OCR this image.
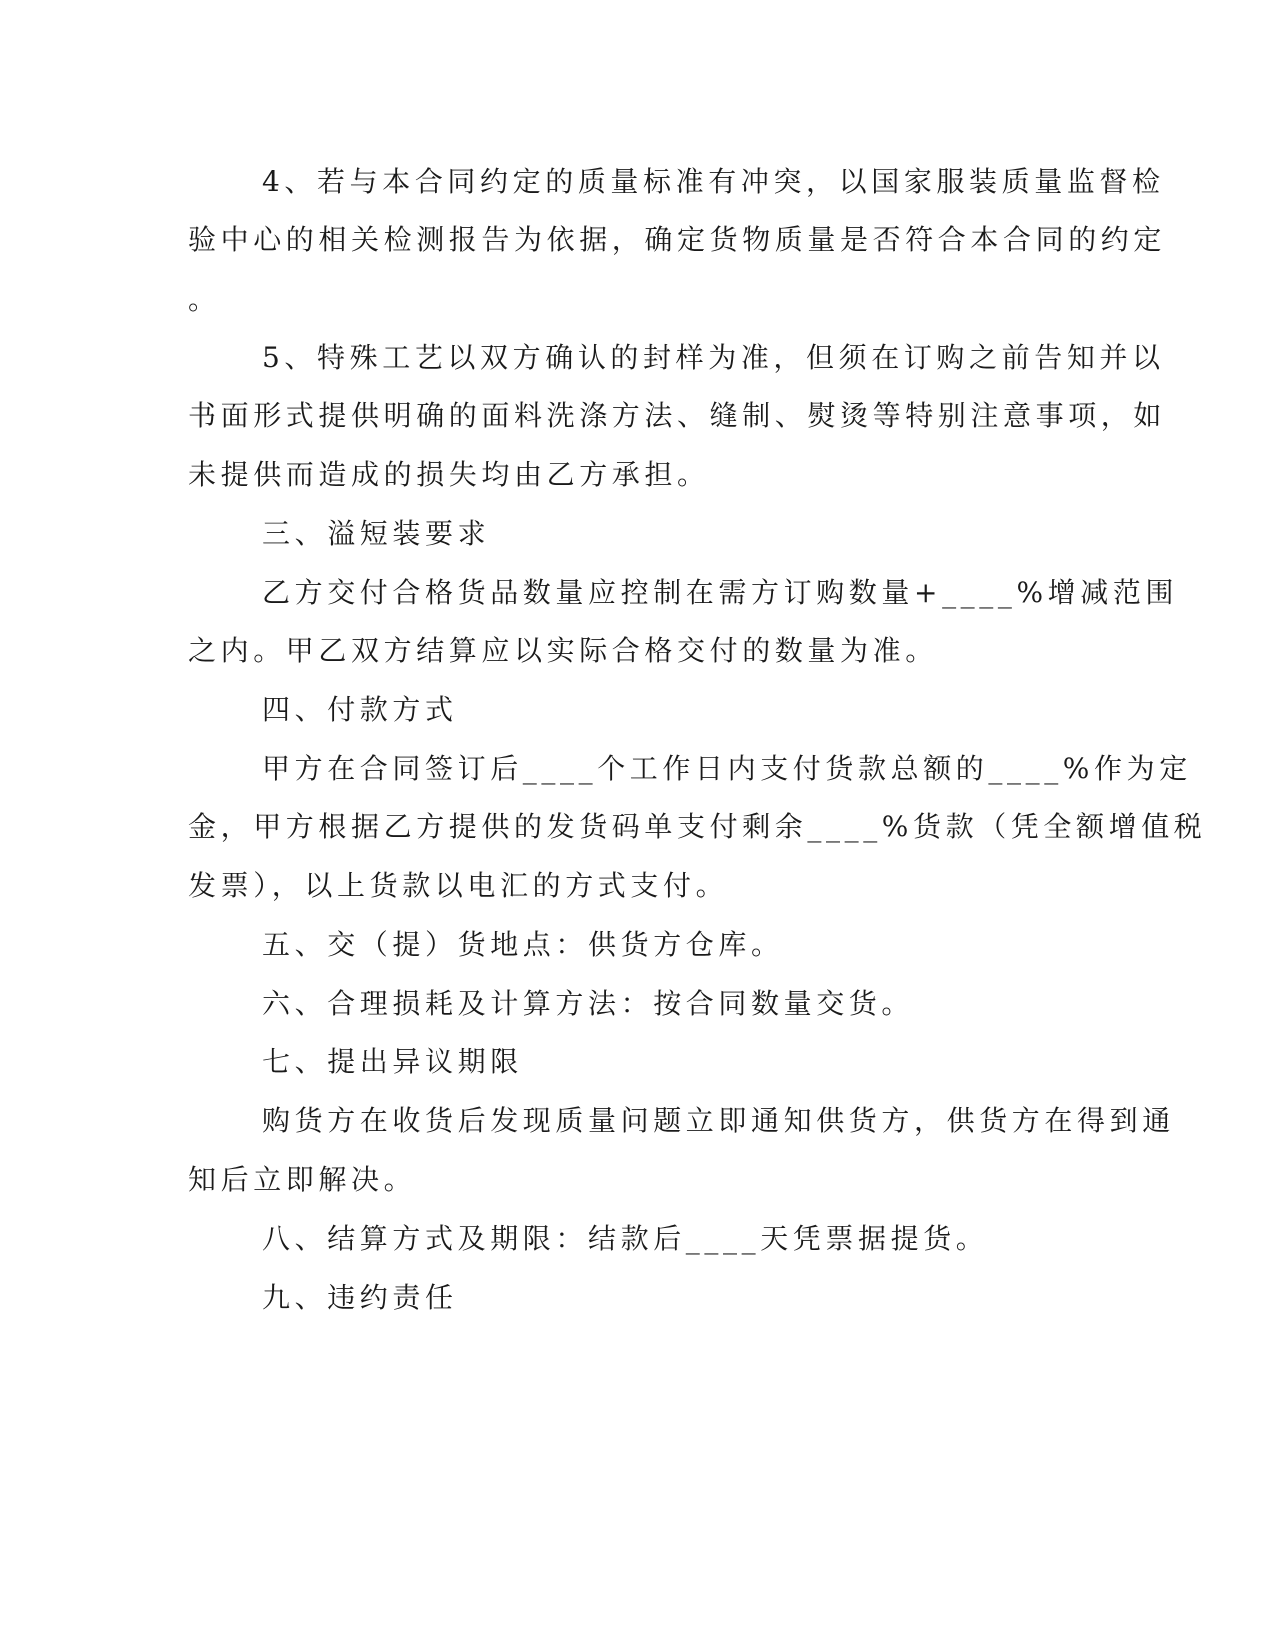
4、若与本合同约定的质量标准有冲突，以国家服装质量监督检
验中心的相关检测报告为依据，确定货物质量是否符合本合同的约定
。
5、特殊工艺以双方确认的封样为准，但须在订购之前告知并以
书面形式提供明确的面料洗涤方法、缝制、熨烫等特别注意事项，如
未提供而造成的损失均由乙方承担。
三、溢短装要求
乙方交付合格货品数量应控制在需方订购数量+____%增减范围
之内。甲乙双方结算应以实际合格交付的数量为准。
四、付款方式
甲方在合同签订后____个工作日内支付货款总额的____%作为定
金，甲方根据乙方提供的发货码单支付剩余____%货款（凭全额增值税
发票），以上货款以电汇的方式支付。
五、交（提）货地点：供货方仓库。
六、合理损耗及计算方法：按合同数量交货。
七、提出异议期限
购货方在收货后发现质量问题立即通知供货方，供货方在得到通
知后立即解决。
八、结算方式及期限：结款后____天凭票据提货。
九、违约责任
